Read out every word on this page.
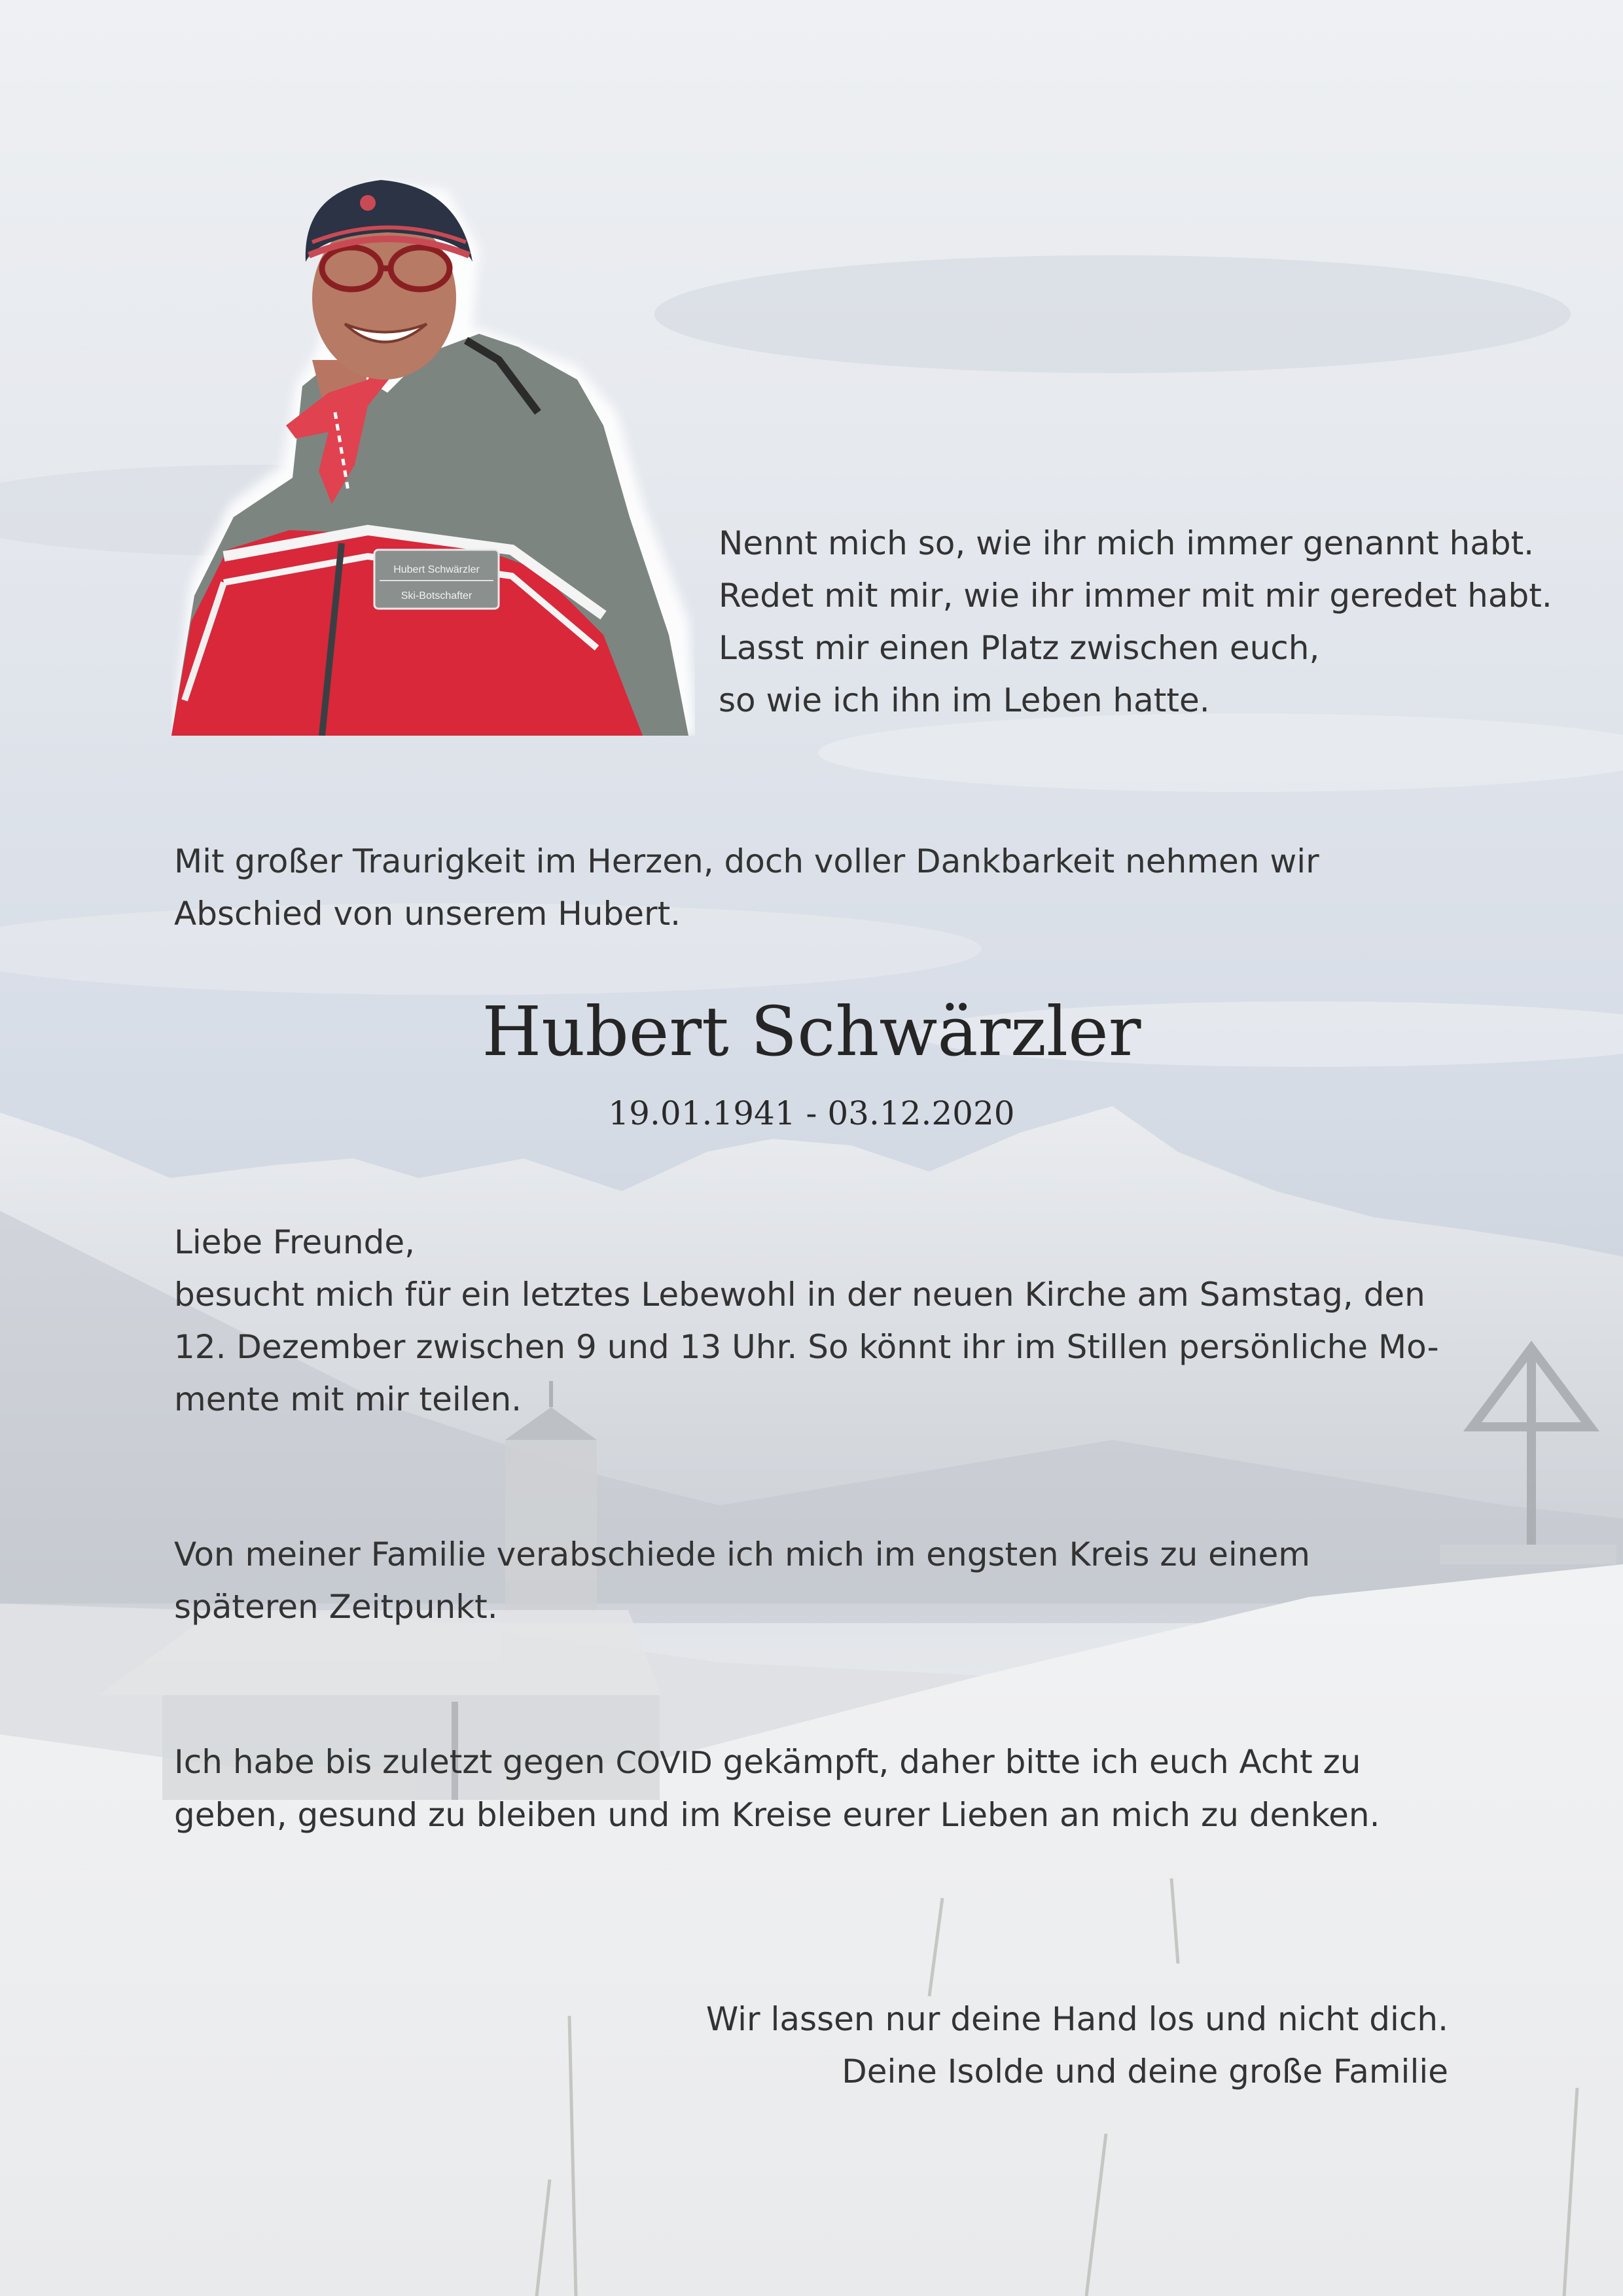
Hubert Schwärzler
Ski-Botschafter
Nennt mich so, wie ihr mich immer genannt habt.
Redet mit mir, wie ihr immer mit mir geredet habt.
Lasst mir einen Platz zwischen euch,
so wie ich ihn im Leben hatte.
Mit großer Traurigkeit im Herzen, doch voller Dankbarkeit nehmen wir
Abschied von unserem Hubert.
Hubert Schwärzler
19.01.1941 - 03.12.2020
Liebe Freunde,
besucht mich für ein letztes Lebewohl in der neuen Kirche am Samstag, den
12. Dezember zwischen 9 und 13 Uhr. So könnt ihr im Stillen persönliche Mo-
mente mit mir teilen.
Von meiner Familie verabschiede ich mich im engsten Kreis zu einem
späteren Zeitpunkt.
Ich habe bis zuletzt gegen COVID gekämpft, daher bitte ich euch Acht zu
geben, gesund zu bleiben und im Kreise eurer Lieben an mich zu denken.
Wir lassen nur deine Hand los und nicht dich.
Deine Isolde und deine große Familie
